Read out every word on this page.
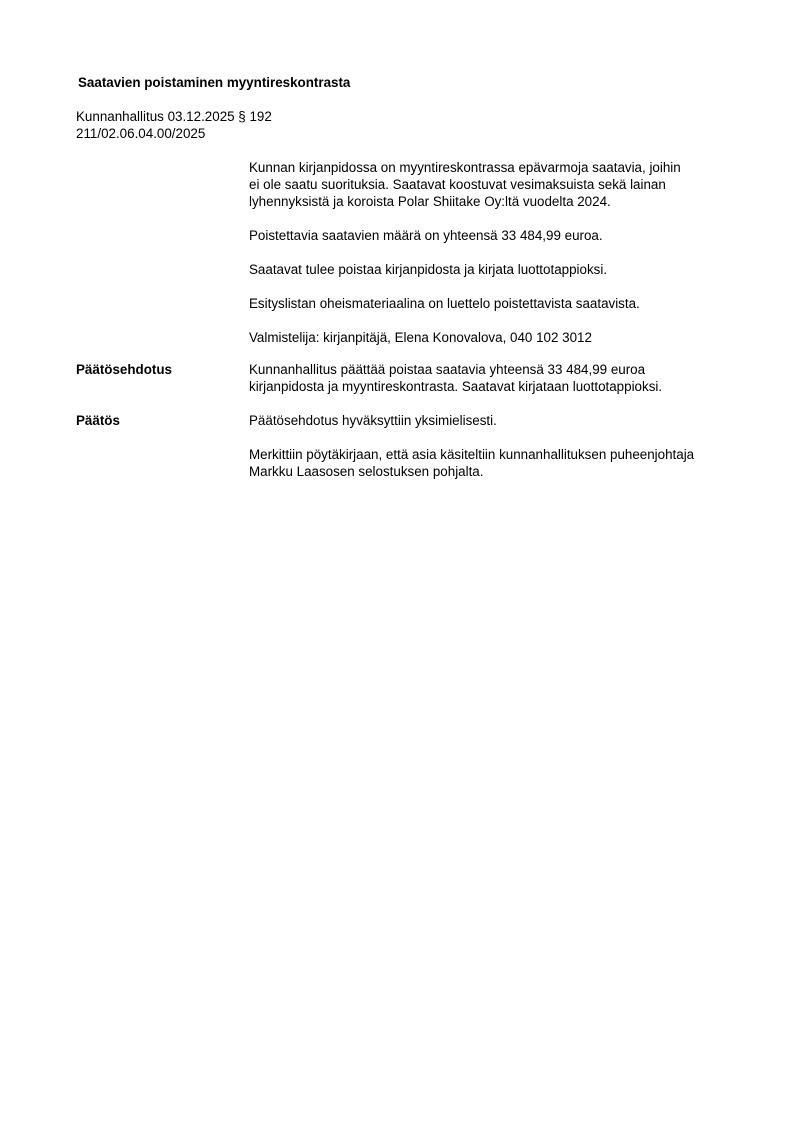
Saatavien poistaminen myyntireskontrasta
Kunnanhallitus 03.12.2025 § 192
211/02.06.04.00/2025

Kunnan kirjanpidossa on myyntireskontrassa epävarmoja saatavia, joihin
ei ole saatu suorituksia. Saatavat koostuvat vesimaksuista sekä lainan
lyhennyksistä ja koroista Polar Shiitake Oy:ltä vuodelta 2024.

Poistettavia saatavien määrä on yhteensä 33 484,99 euroa.

Saatavat tulee poistaa kirjanpidosta ja kirjata luottotappioksi.

Esityslistan oheismateriaalina on luettelo poistettavista saatavista.

Valmistelija: kirjanpitäjä, Elena Konovalova, 040 102 3012

Päätösehdotus	Kunnanhallitus päättää poistaa saatavia yhteensä 33 484,99 euroa
kirjanpidosta ja myyntireskontrasta. Saatavat kirjataan luottotappioksi.

Päätös	Päätösehdotus hyväksyttiin yksimielisesti.

Merkittiin pöytäkirjaan, että asia käsiteltiin kunnanhallituksen puheenjohtaja
Markku Laasosen selostuksen pohjalta.
